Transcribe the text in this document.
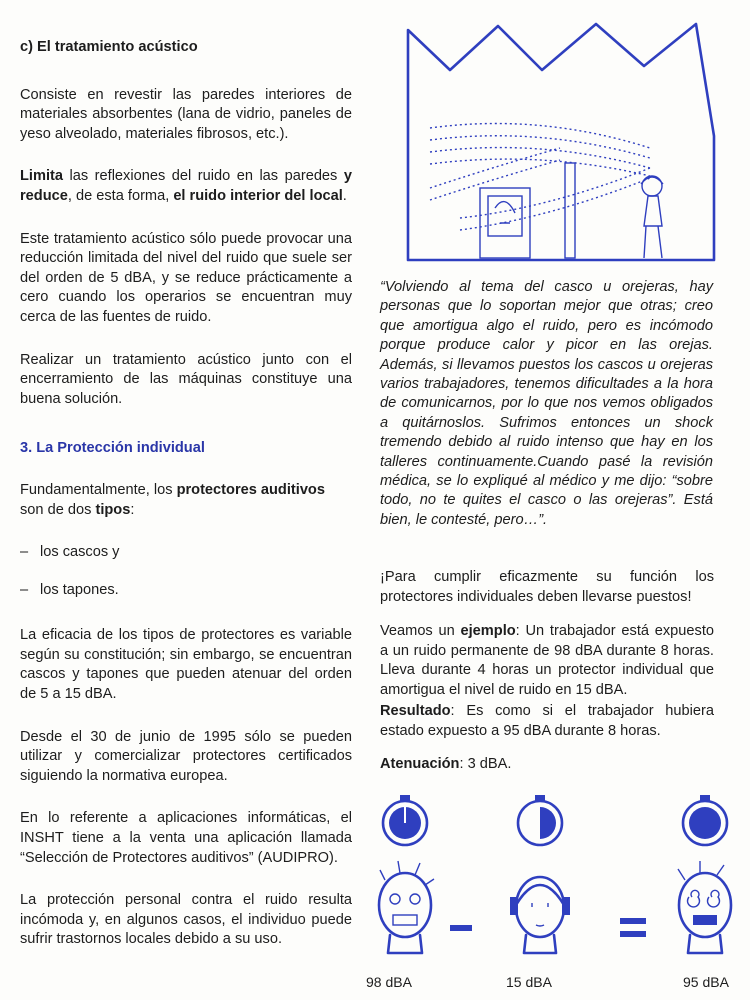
c) El tratamiento acústico

Consiste en revestir las paredes interiores de materiales absorbentes (lana de vidrio, paneles de yeso alveolado, materiales fibrosos, etc.).

Limita las reflexiones del ruido en las paredes y reduce, de esta forma, el ruido interior del local.

Este tratamiento acústico sólo puede provocar una reducción limitada del nivel del ruido que suele ser del orden de 5 dBA, y se reduce prácticamente a cero cuando los operarios se encuentran muy cerca de las fuentes de ruido.

Realizar un tratamiento acústico junto con el encerramiento de las máquinas constituye una buena solución.

3. La Protección individual

Fundamentalmente, los protectores auditivos son de dos tipos:

– los cascos y

– los tapones.

La eficacia de los tipos de protectores es variable según su constitución; sin embargo, se encuentran cascos y tapones que pueden atenuar del orden de 5 a 15 dBA.

Desde el 30 de junio de 1995 sólo se pueden utilizar y comercializar protectores certificados siguiendo la normativa europea.

En lo referente a aplicaciones informáticas, el INSHT tiene a la venta una aplicación llamada “Selección de Protectores auditivos” (AUDIPRO).

La protección personal contra el ruido resulta incómoda y, en algunos casos, el individuo puede sufrir trastornos locales debido a su uso.

“Volviendo al tema del casco u orejeras, hay personas que lo soportan mejor que otras; creo que amortigua algo el ruido, pero es incómodo porque produce calor y picor en las orejas. Además, si llevamos puestos los cascos u orejeras varios trabajadores, tenemos dificultades a la hora de comunicarnos, por lo que nos vemos obligados a quitárnoslos. Sufrimos entonces un shock tremendo debido al ruido intenso que hay en los talleres continuamente.Cuando pasé la revisión médica, se lo expliqué al médico y me dijo: “sobre todo, no te quites el casco o las orejeras”. Está bien, le contesté, pero…”.
¡Para cumplir eficazmente su función los protectores individuales deben llevarse puestos!
Veamos un ejemplo: Un trabajador está expuesto a un ruido permanente de 98 dBA durante 8 horas. Lleva durante 4 horas un protector individual que amortigua el nivel de ruido en 15 dBA.
Resultado: Es como si el trabajador hubiera estado expuesto a 95 dBA durante 8 horas.
Atenuación: 3 dBA.
98 dBA	15 dBA	95 dBA
